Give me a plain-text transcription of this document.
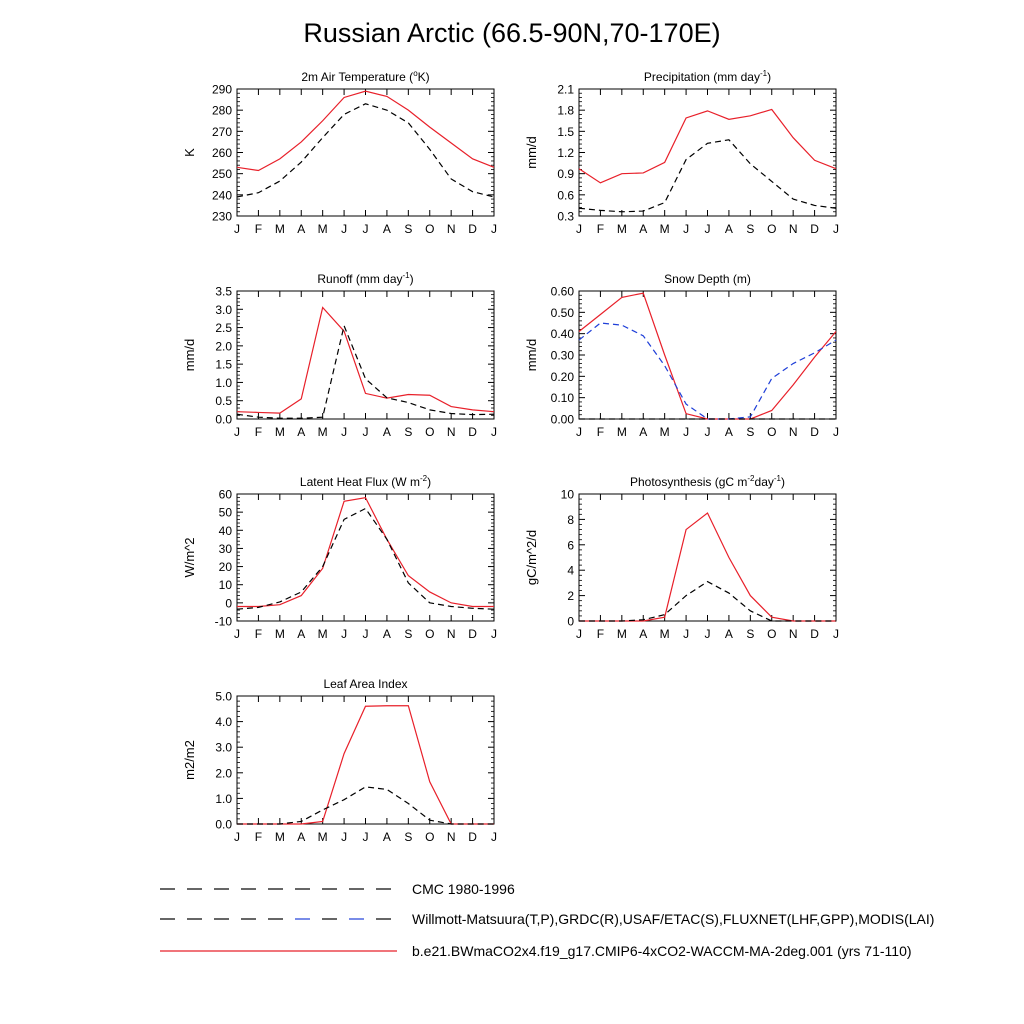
Russian Arctic (66.5-90N,70-170E)
2m Air Temperature ($^o$K)
230
240
250
260
270
280
290
J F M A M J J A S O N D J
K
Precipitation (mm day$^{-1}$)
0.3
0.6
0.9
1.2
1.5
1.8
2.1
J F M A M J J A S O N D J
mm/d
Runoff (mm day$^{-1}$)
0.0
0.5
1.0
1.5
2.0
2.5
3.0
3.5
J F M A M J J A S O N D J
mm/d
Snow Depth (m)
0.00
0.10
0.20
0.30
0.40
0.50
0.60
J F M A M J J A S O N D J
mm/d
Latent Heat Flux (W $m^{-2}$)
-10
0
10
20
30
40
50
60
J F M A M J J A S O N D J
W/m^2
Photosynthesis (gC $m^{-2}day^{-1}$)
0
2
4
6
8
10
J F M A M J J A S O N D J
gC/m^2/d
Leaf Area Index
0.0
1.0
2.0
3.0
4.0
5.0
J F M A M J J A S O N D J
m2/m2
CMC 1980-1996
Willmott-Matsuura(T,P),GRDC(R),USAF/ETAC(S),FLUXNET(LHF,GPP),MODIS(LAI)
b.e21.BWmaCO2x4.f19_g17.CMIP6-4xCO2-WACCM-MA-2deg.001 (yrs 71-110)
